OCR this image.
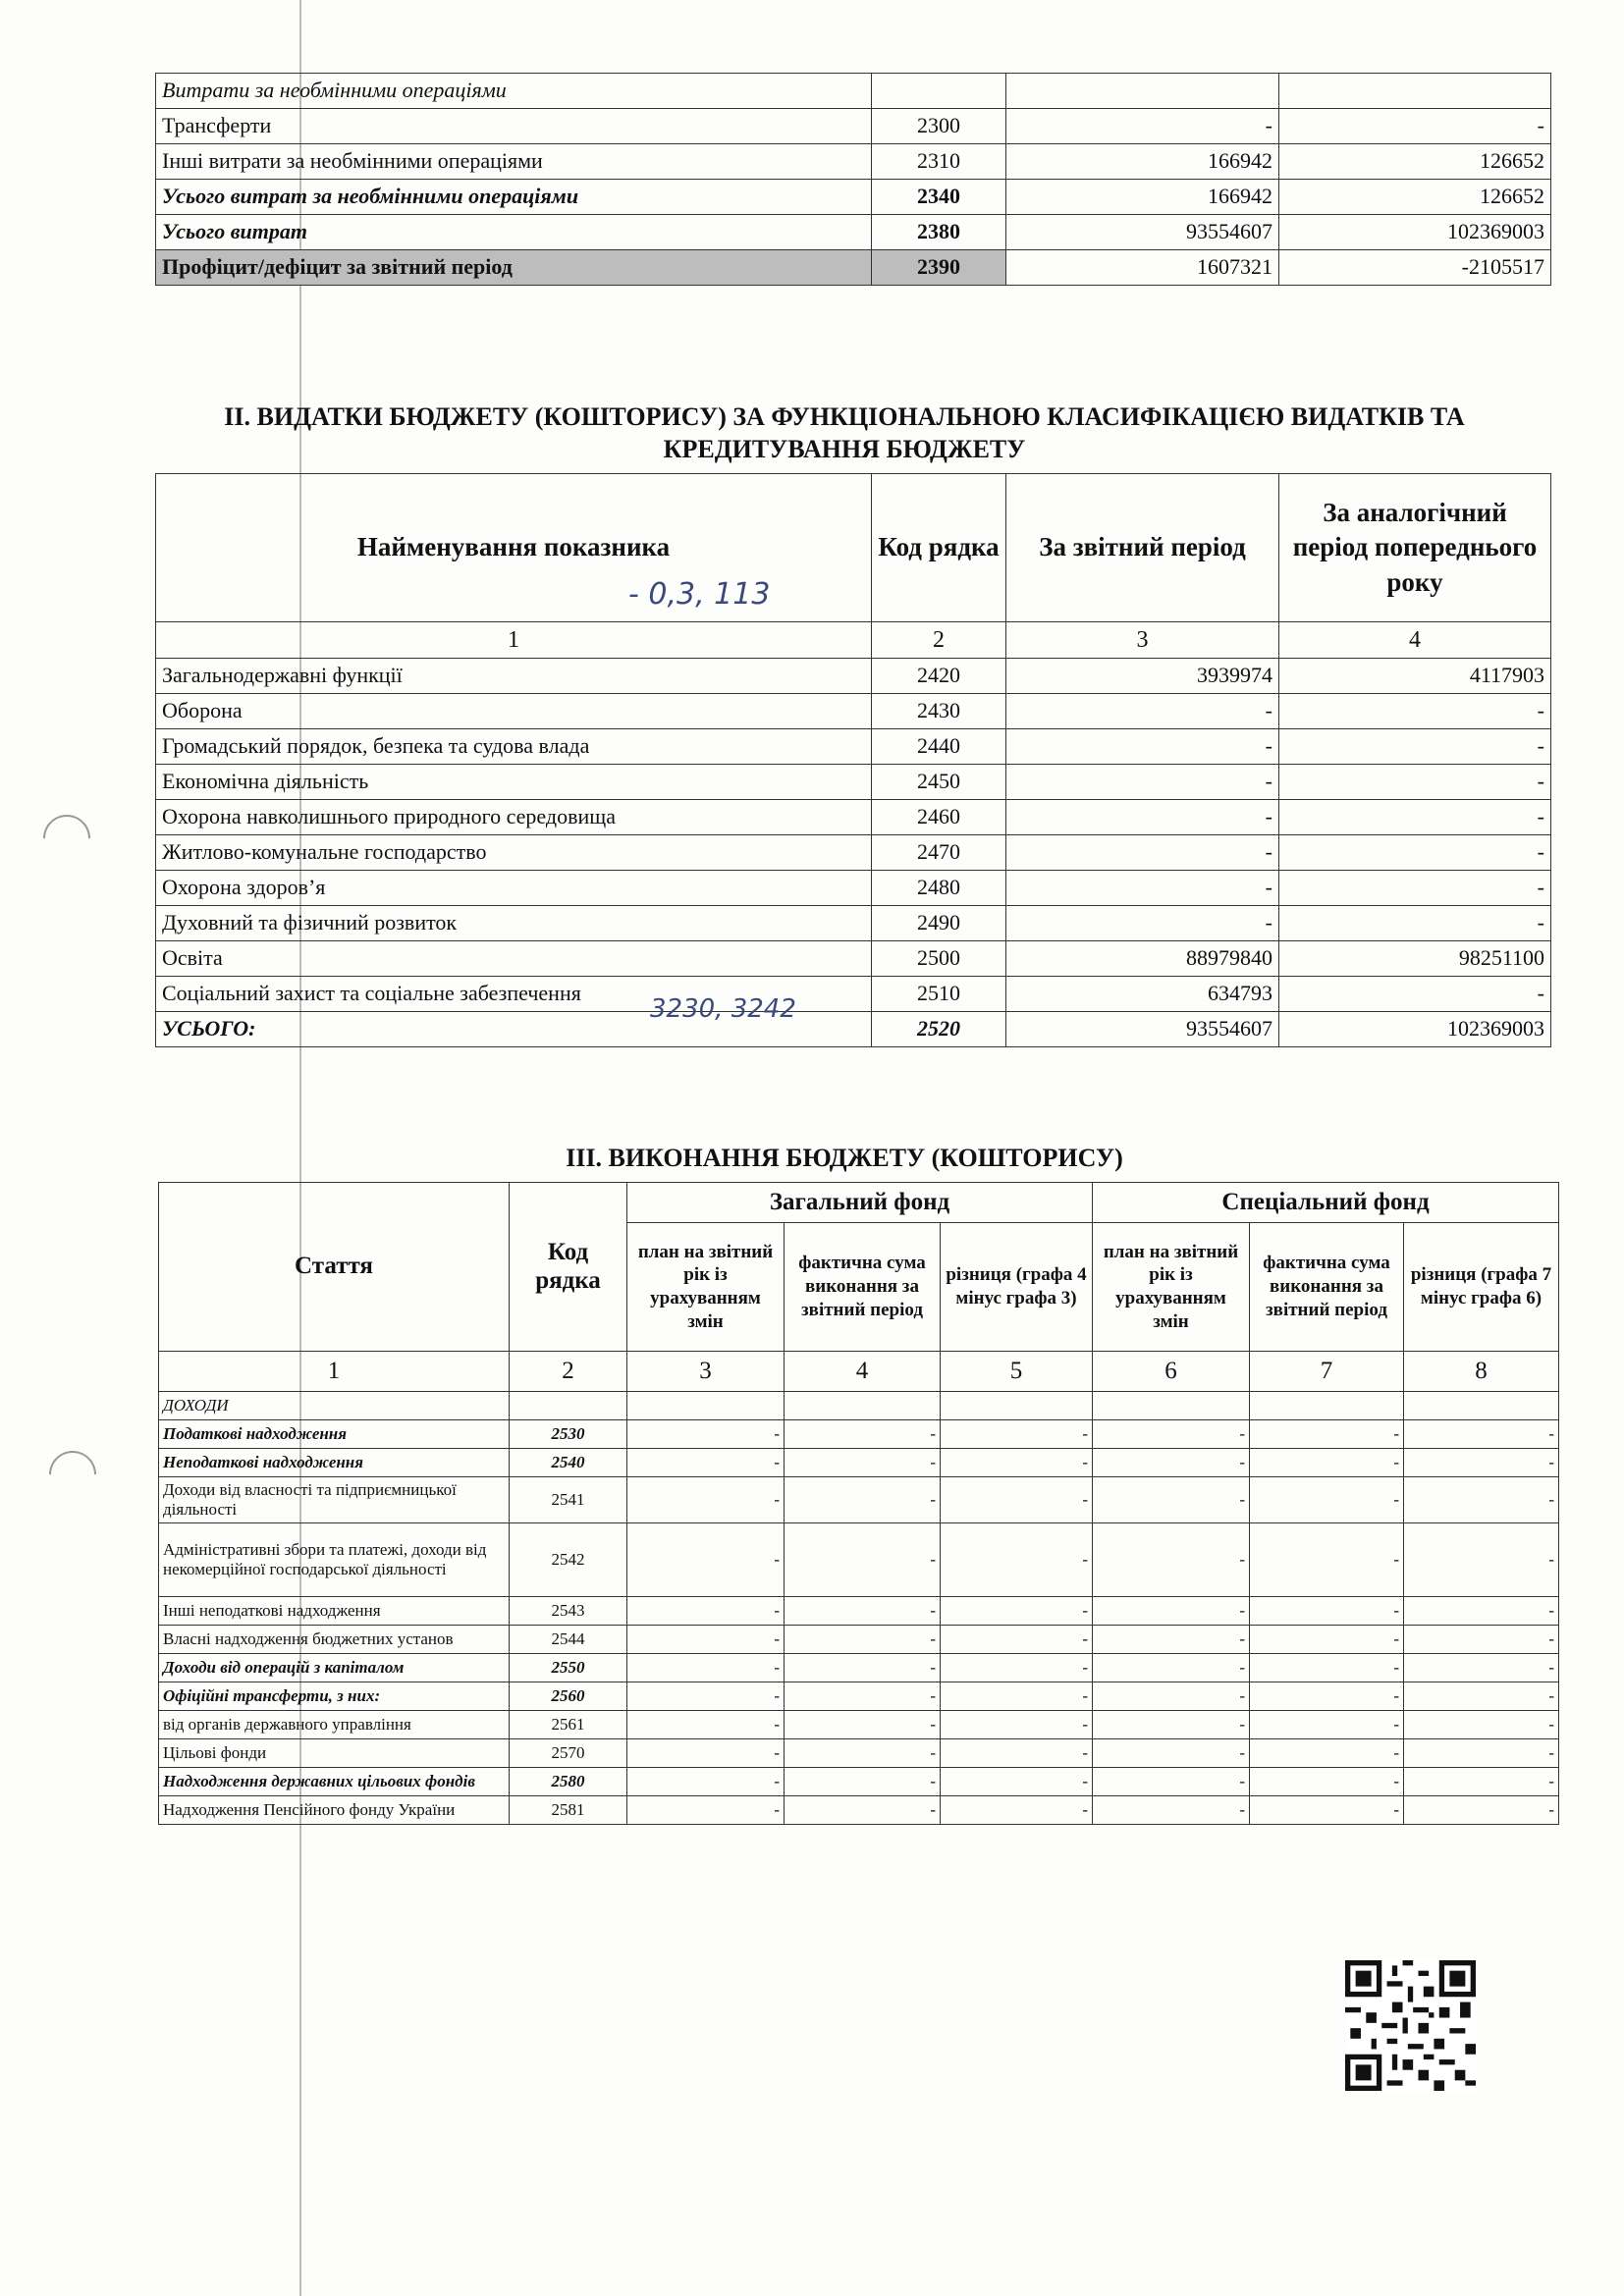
Витрати за необмінними операціями			
Трансферти	2300	-	-
Інші витрати за необмінними операціями	2310	166942	126652
Усього витрат за необмінними операціями	2340	166942	126652
Усього витрат	2380	93554607	102369003
Профіцит/дефіцит за звітний період	2390	1607321	-2105517
II. ВИДАТКИ БЮДЖЕТУ (КОШТОРИСУ) ЗА ФУНКЦІОНАЛЬНОЮ КЛАСИФІКАЦІЄЮ ВИДАТКІВ ТА
КРЕДИТУВАННЯ БЮДЖЕТУ
Найменування показника	Код рядка	За звітний період	За аналогічний період попереднього року
1	2	3	4
Загальнодержавні функції	2420	3939974	4117903
Оборона	2430	-	-
Громадський порядок, безпека та судова влада	2440	-	-
Економічна діяльність	2450	-	-
Охорона навколишнього природного середовища	2460	-	-
Житлово-комунальне господарство	2470	-	-
Охорона здоров’я	2480	-	-
Духовний та фізичний розвиток	2490	-	-
Освіта	2500	88979840	98251100
Соціальний захист та соціальне забезпечення	2510	634793	-
УСЬОГО:	2520	93554607	102369003
- 0,3, 113
3230, 3242
III. ВИКОНАННЯ БЮДЖЕТУ (КОШТОРИСУ)
Стаття	Код рядка	Загальний фонд			Спеціальний фонд		
		план на звітний рік із урахуванням змін	фактична сума виконання за звітний період	різниця (графа 4 мінус графа 3)	план на звітний рік із урахуванням змін	фактична сума виконання за звітний період	різниця (графа 7 мінус графа 6)
1	2	3	4	5	6	7	8
ДОХОДИ							
Податкові надходження	2530	-	-	-	-	-	-
Неподаткові надходження	2540	-	-	-	-	-	-
Доходи від власності та підприємницької діяльності	2541	-	-	-	-	-	-
Адміністративні збори та платежі, доходи від некомерційної господарської діяльності	2542	-	-	-	-	-	-
Інші неподаткові надходження	2543	-	-	-	-	-	-
Власні надходження бюджетних установ	2544	-	-	-	-	-	-
Доходи від операцій з капіталом	2550	-	-	-	-	-	-
Офіційні трансферти, з них:	2560	-	-	-	-	-	-
від органів державного управління	2561	-	-	-	-	-	-
Цільові фонди	2570	-	-	-	-	-	-
Надходження державних цільових фондів	2580	-	-	-	-	-	-
Надходження Пенсійного фонду України	2581	-	-	-	-	-	-
